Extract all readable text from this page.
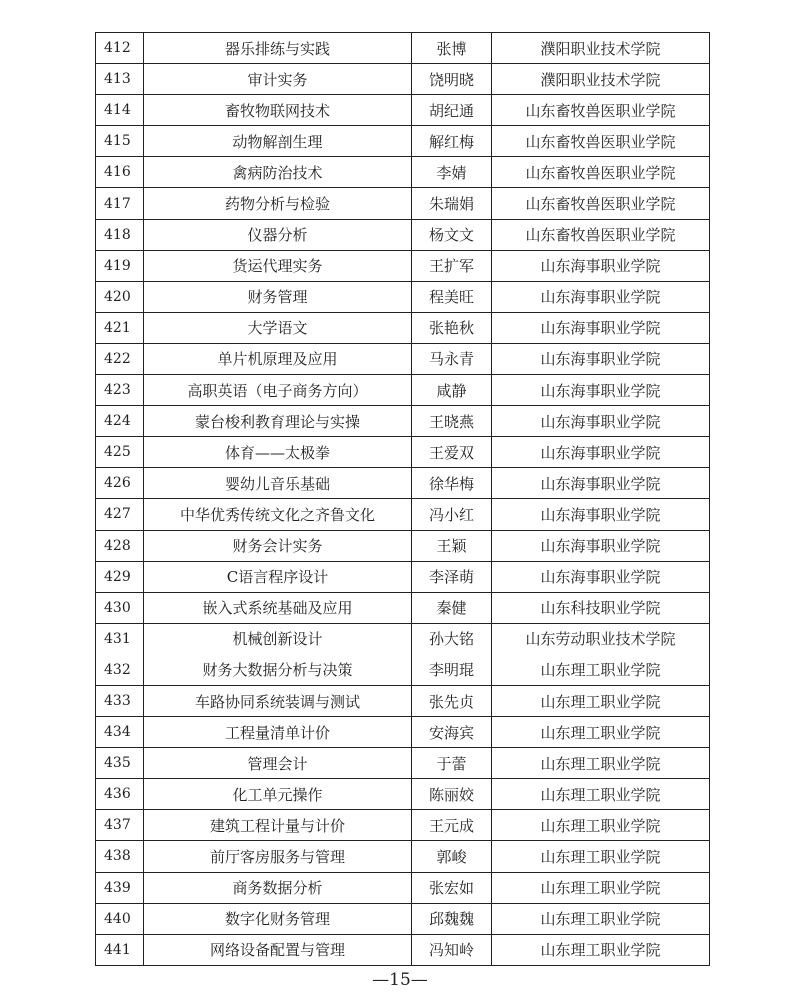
412	器乐排练与实践	张博	濮阳职业技术学院
413	审计实务	饶明晓	濮阳职业技术学院
414	畜牧物联网技术	胡纪通	山东畜牧兽医职业学院
415	动物解剖生理	解红梅	山东畜牧兽医职业学院
416	禽病防治技术	李婧	山东畜牧兽医职业学院
417	药物分析与检验	朱瑞娟	山东畜牧兽医职业学院
418	仪器分析	杨文文	山东畜牧兽医职业学院
419	货运代理实务	王扩军	山东海事职业学院
420	财务管理	程美旺	山东海事职业学院
421	大学语文	张艳秋	山东海事职业学院
422	单片机原理及应用	马永青	山东海事职业学院
423	高职英语（电子商务方向）	咸静	山东海事职业学院
424	蒙台梭利教育理论与实操	王晓燕	山东海事职业学院
425	体育——太极拳	王爱双	山东海事职业学院
426	婴幼儿音乐基础	徐华梅	山东海事职业学院
427	中华优秀传统文化之齐鲁文化	冯小红	山东海事职业学院
428	财务会计实务	王颖	山东海事职业学院
429	C语言程序设计	李泽萌	山东海事职业学院
430	嵌入式系统基础及应用	秦健	山东科技职业学院
431	机械创新设计	孙大铭	山东劳动职业技术学院
432	财务大数据分析与决策	李明琨	山东理工职业学院
433	车路协同系统装调与测试	张先贞	山东理工职业学院
434	工程量清单计价	安海宾	山东理工职业学院
435	管理会计	于蕾	山东理工职业学院
436	化工单元操作	陈丽姣	山东理工职业学院
437	建筑工程计量与计价	王元成	山东理工职业学院
438	前厅客房服务与管理	郭峻	山东理工职业学院
439	商务数据分析	张宏如	山东理工职业学院
440	数字化财务管理	邱魏魏	山东理工职业学院
441	网络设备配置与管理	冯知岭	山东理工职业学院
—15—
